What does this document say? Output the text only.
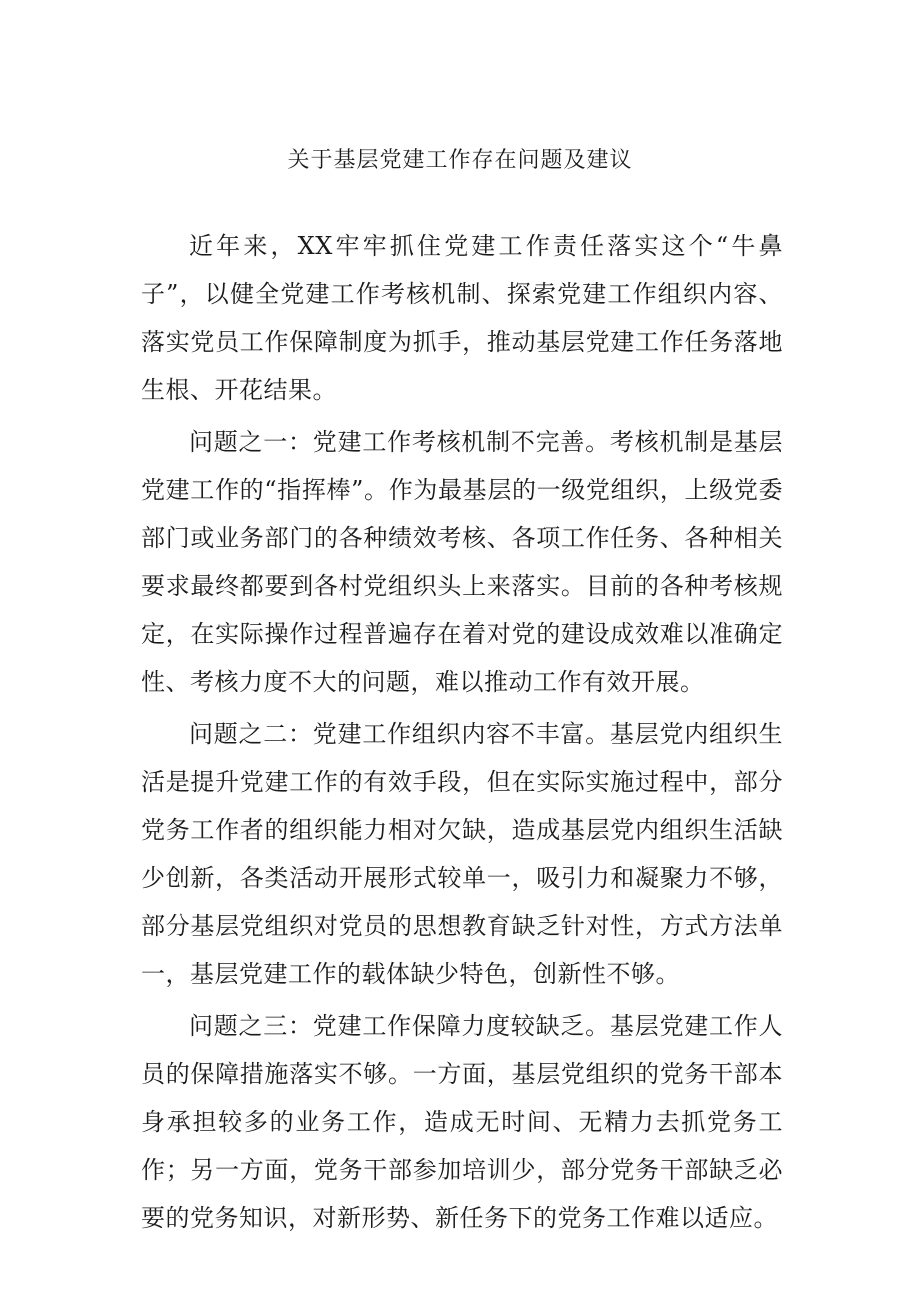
关于基层党建工作存在问题及建议

近年来，XX牢牢抓住党建工作责任落实这个“牛鼻子”，以健全党建工作考核机制、探索党建工作组织内容、落实党员工作保障制度为抓手，推动基层党建工作任务落地生根、开花结果。

问题之一：党建工作考核机制不完善。考核机制是基层党建工作的“指挥棒”。作为最基层的一级党组织，上级党委部门或业务部门的各种绩效考核、各项工作任务、各种相关要求最终都要到各村党组织头上来落实。目前的各种考核规定，在实际操作过程普遍存在着对党的建设成效难以准确定性、考核力度不大的问题，难以推动工作有效开展。

问题之二：党建工作组织内容不丰富。基层党内组织生活是提升党建工作的有效手段，但在实际实施过程中，部分党务工作者的组织能力相对欠缺，造成基层党内组织生活缺少创新，各类活动开展形式较单一，吸引力和凝聚力不够，部分基层党组织对党员的思想教育缺乏针对性，方式方法单一，基层党建工作的载体缺少特色，创新性不够。

问题之三：党建工作保障力度较缺乏。基层党建工作人员的保障措施落实不够。一方面，基层党组织的党务干部本身承担较多的业务工作，造成无时间、无精力去抓党务工作；另一方面，党务干部参加培训少，部分党务干部缺乏必要的党务知识，对新形势、新任务下的党务工作难以适应。
